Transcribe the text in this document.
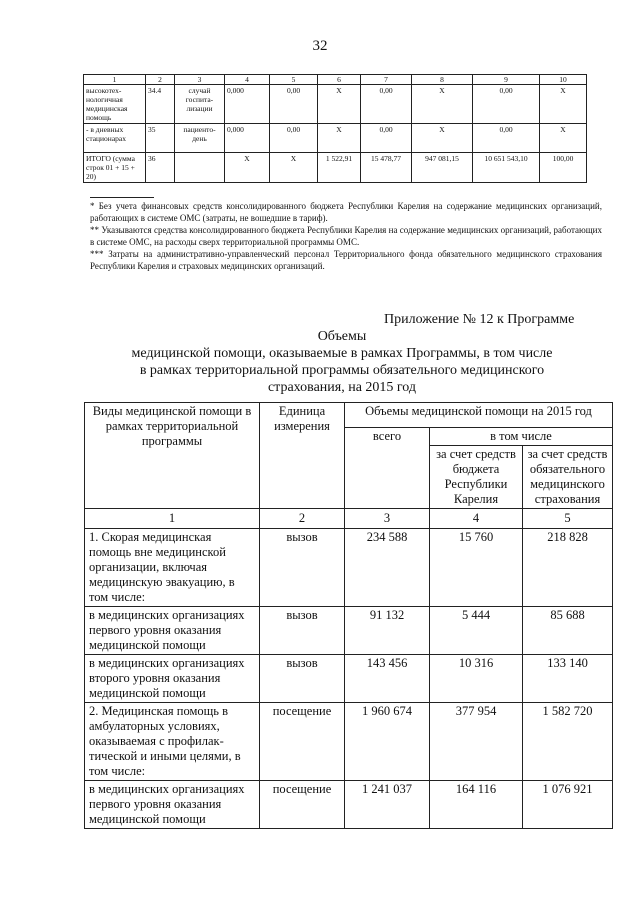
32
1	2	3	4	5	6	7	8	9	10
высокотех-нологичная медицинская помощь	34.4	случай госпита-лизации	0,000	0,00	X	0,00	X	0,00	X
- в дневных стационарах	35	пациенто-день	0,000	0,00	X	0,00	X	0,00	X
ИТОГО (сумма строк 01 + 15 + 20)	36		X	X	1 522,91	15 478,77	947 081,15	10 651 543,10	100,00

* Без учета финансовых средств консолидированного бюджета Республики Карелия на содержание медицинских организаций, работающих в системе ОМС (затраты, не вошедшие в тариф).

** Указываются средства консолидированного бюджета Республики Карелия на содержание медицинских организаций, работающих в системе ОМС, на расходы сверх территориальной программы ОМС.

*** Затраты на административно-управленческий персонал Территориального фонда обязательного медицинского страхования Республики Карелия и страховых медицинских организаций.

Приложение № 12 к Программе
Объемы
медицинской помощи, оказываемые в рамках Программы, в том числе
в рамках территориальной программы обязательного медицинского
страхования, на 2015 год
Виды медицинской помощи в рамках территориальной программы	Единица измерения	Объемы медицинской помощи на 2015 год		
		всего	в том числе	
			за счет средств бюджета Республики Карелия	за счет средств обязательного медицинского страхования
1	2	3	4	5
1. Скорая медицинская помощь вне медицинской организации, включая медицинскую эвакуацию, в том числе:	вызов	234 588	15 760	218 828
в медицинских организациях первого уровня оказания медицинской помощи	вызов	91 132	5 444	85 688
в медицинских организациях второго уровня оказания медицинской помощи	вызов	143 456	10 316	133 140
2. Медицинская помощь в амбулаторных условиях, оказываемая с профилак-тической и иными целями, в том числе:	посещение	1 960 674	377 954	1 582 720
в медицинских организациях первого уровня оказания медицинской помощи	посещение	1 241 037	164 116	1 076 921
